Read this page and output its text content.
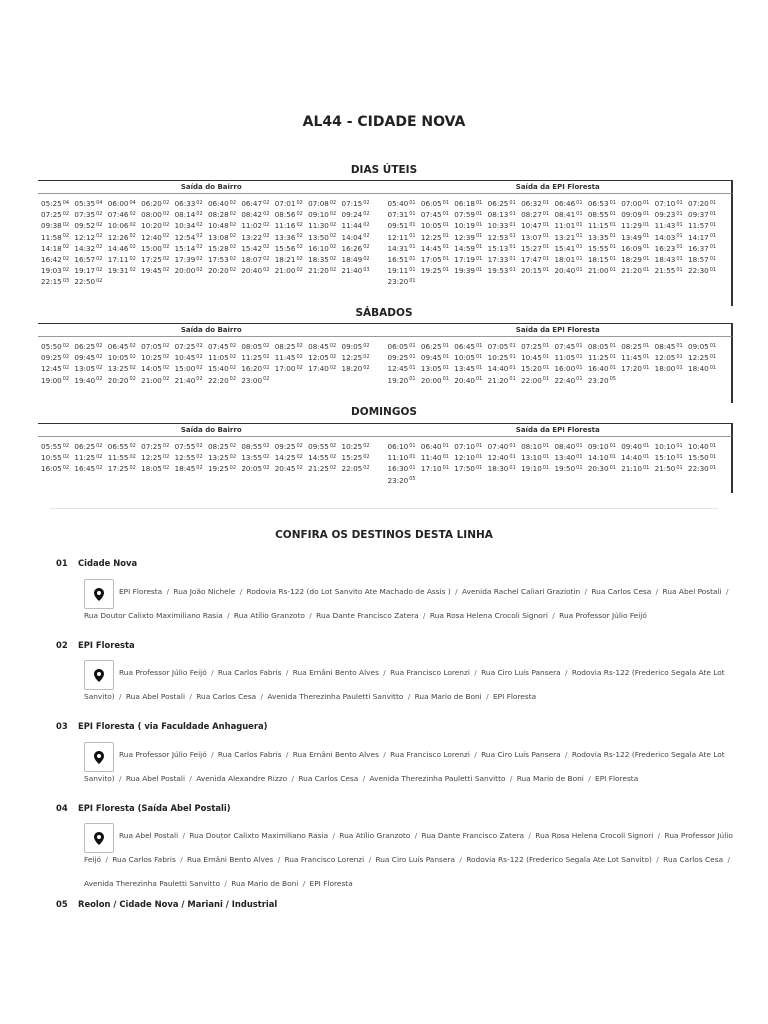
AL44 - CIDADE NOVA
DIAS ÚTEIS
Saída do Bairro	Saída da EPI Floresta
$05:25^{04}$ $05:35^{04}$ $06:00^{04}$ $06:20^{02}$ $06:33^{02}$ $06:40^{02}$ $06:47^{02}$ $07:01^{02}$ $07:08^{02}$ $07:15^{02}$ $07:25^{02}$ $07:35^{02}$ $07:46^{02}$ $08:00^{02}$ $08:14^{02}$ $08:28^{02}$ $08:42^{02}$ $08:56^{02}$ $09:10^{02}$ $09:24^{02}$ $09:38^{02}$ $09:52^{02}$ $10:06^{02}$ $10:20^{02}$ $10:34^{02}$ $10:48^{02}$ $11:02^{02}$ $11:16^{02}$ $11:30^{02}$ $11:44^{02}$ $11:58^{02}$ $12:12^{02}$ $12:26^{02}$ $12:40^{02}$ $12:54^{02}$ $13:08^{02}$ $13:22^{02}$ $13:36^{02}$ $13:50^{02}$ $14:04^{02}$ $14:18^{02}$ $14:32^{02}$ $14:46^{02}$ $15:00^{02}$ $15:14^{02}$ $15:28^{02}$ $15:42^{02}$ $15:56^{02}$ $16:10^{02}$ $16:26^{02}$ $16:42^{02}$ $16:57^{02}$ $17:11^{02}$ $17:25^{02}$ $17:39^{02}$ $17:53^{02}$ $18:07^{02}$ $18:21^{02}$ $18:35^{02}$ $18:49^{02}$ $19:03^{02}$ $19:17^{02}$ $19:31^{02}$ $19:45^{02}$ $20:00^{02}$ $20:20^{02}$ $20:40^{02}$ $21:00^{02}$ $21:20^{02}$ $21:40^{03}$ $22:15^{03}$ $22:50^{02}$
$05:40^{01}$ $06:05^{01}$ $06:18^{01}$ $06:25^{01}$ $06:32^{01}$ $06:46^{01}$ $06:53^{01}$ $07:00^{01}$ $07:10^{01}$ $07:20^{01}$ $07:31^{01}$ $07:45^{01}$ $07:59^{01}$ $08:13^{01}$ $08:27^{01}$ $08:41^{01}$ $08:55^{01}$ $09:09^{01}$ $09:23^{01}$ $09:37^{01}$ $09:51^{01}$ $10:05^{01}$ $10:19^{01}$ $10:33^{01}$ $10:47^{01}$ $11:01^{01}$ $11:15^{01}$ $11:29^{01}$ $11:43^{01}$ $11:57^{01}$ $12:11^{01}$ $12:25^{01}$ $12:39^{01}$ $12:53^{01}$ $13:07^{01}$ $13:21^{01}$ $13:35^{01}$ $13:49^{01}$ $14:03^{01}$ $14:17^{01}$ $14:31^{01}$ $14:45^{01}$ $14:59^{01}$ $15:13^{01}$ $15:27^{01}$ $15:41^{01}$ $15:55^{01}$ $16:09^{01}$ $16:23^{01}$ $16:37^{01}$ $16:51^{01}$ $17:05^{01}$ $17:19^{01}$ $17:33^{01}$ $17:47^{01}$ $18:01^{01}$ $18:15^{01}$ $18:29^{01}$ $18:43^{01}$ $18:57^{01}$ $19:11^{01}$ $19:25^{01}$ $19:39^{01}$ $19:53^{01}$ $20:15^{01}$ $20:40^{01}$ $21:00^{01}$ $21:20^{01}$ $21:55^{01}$ $22:30^{01}$ $23:20^{01}$
SÁBADOS
Saída do Bairro	Saída da EPI Floresta
$05:50^{02}$ $06:25^{02}$ $06:45^{02}$ $07:05^{02}$ $07:25^{02}$ $07:45^{02}$ $08:05^{02}$ $08:25^{02}$ $08:45^{02}$ $09:05^{02}$ $09:25^{02}$ $09:45^{02}$ $10:05^{02}$ $10:25^{02}$ $10:45^{02}$ $11:05^{02}$ $11:25^{02}$ $11:45^{02}$ $12:05^{02}$ $12:25^{02}$ $12:45^{02}$ $13:05^{02}$ $13:25^{02}$ $14:05^{02}$ $15:00^{02}$ $15:40^{02}$ $16:20^{02}$ $17:00^{02}$ $17:40^{02}$ $18:20^{02}$ $19:00^{02}$ $19:40^{02}$ $20:20^{02}$ $21:00^{02}$ $21:40^{02}$ $22:20^{02}$ $23:00^{02}$
$06:05^{01}$ $06:25^{01}$ $06:45^{01}$ $07:05^{01}$ $07:25^{01}$ $07:45^{01}$ $08:05^{01}$ $08:25^{01}$ $08:45^{01}$ $09:05^{01}$ $09:25^{01}$ $09:45^{01}$ $10:05^{01}$ $10:25^{01}$ $10:45^{01}$ $11:05^{01}$ $11:25^{01}$ $11:45^{01}$ $12:05^{01}$ $12:25^{01}$ $12:45^{01}$ $13:05^{01}$ $13:45^{01}$ $14:40^{01}$ $15:20^{01}$ $16:00^{01}$ $16:40^{01}$ $17:20^{01}$ $18:00^{01}$ $18:40^{01}$ $19:20^{01}$ $20:00^{01}$ $20:40^{01}$ $21:20^{01}$ $22:00^{01}$ $22:40^{01}$ $23:20^{05}$
DOMINGOS
Saída do Bairro	Saída da EPI Floresta
$05:55^{02}$ $06:25^{02}$ $06:55^{02}$ $07:25^{02}$ $07:55^{02}$ $08:25^{02}$ $08:55^{02}$ $09:25^{02}$ $09:55^{02}$ $10:25^{02}$ $10:55^{02}$ $11:25^{02}$ $11:55^{02}$ $12:25^{02}$ $12:55^{02}$ $13:25^{02}$ $13:55^{02}$ $14:25^{02}$ $14:55^{02}$ $15:25^{02}$ $16:05^{02}$ $16:45^{02}$ $17:25^{02}$ $18:05^{02}$ $18:45^{02}$ $19:25^{02}$ $20:05^{02}$ $20:45^{02}$ $21:25^{02}$ $22:05^{02}$
$06:10^{01}$ $06:40^{01}$ $07:10^{01}$ $07:40^{01}$ $08:10^{01}$ $08:40^{01}$ $09:10^{01}$ $09:40^{01}$ $10:10^{01}$ $10:40^{01}$ $11:10^{01}$ $11:40^{01}$ $12:10^{01}$ $12:40^{01}$ $13:10^{01}$ $13:40^{01}$ $14:10^{01}$ $14:40^{01}$ $15:10^{01}$ $15:50^{01}$ $16:30^{01}$ $17:10^{01}$ $17:50^{01}$ $18:30^{01}$ $19:10^{01}$ $19:50^{01}$ $20:30^{01}$ $21:10^{01}$ $21:50^{01}$ $22:30^{01}$ $23:20^{05}$
CONFIRA OS DESTINOS DESTA LINHA
01 Cidade Nova
EPI Floresta / Rua João Nichele / Rodovia Rs-122 (do Lot Sanvito Ate Machado de Assis ) / Avenida Rachel Caliari Graziotin / Rua Carlos Cesa / Rua Abel Postali / Rua Doutor Calixto Maximiliano Rasia / Rua Atílio Granzoto / Rua Dante Francisco Zatera / Rua Rosa Helena Crocoli Signori / Rua Professor Júlio Feijó
02 EPI Floresta
Rua Professor Júlio Feijó / Rua Carlos Fabris / Rua Ernâni Bento Alves / Rua Francisco Lorenzi / Rua Ciro Luís Pansera / Rodovia Rs-122 (Frederico Segala Ate Lot Sanvito) / Rua Abel Postali / Rua Carlos Cesa / Avenida Therezinha Pauletti Sanvitto / Rua Mario de Boni / EPI Floresta
03 EPI Floresta ( via Faculdade Anhaguera)
Rua Professor Júlio Feijó / Rua Carlos Fabris / Rua Ernâni Bento Alves / Rua Francisco Lorenzi / Rua Ciro Luís Pansera / Rodovia Rs-122 (Frederico Segala Ate Lot Sanvito) / Rua Abel Postali / Avenida Alexandre Rizzo / Rua Carlos Cesa / Avenida Therezinha Pauletti Sanvitto / Rua Mario de Boni / EPI Floresta
04 EPI Floresta (Saída Abel Postali)
Rua Abel Postali / Rua Doutor Calixto Maximiliano Rasia / Rua Atílio Granzoto / Rua Dante Francisco Zatera / Rua Rosa Helena Crocoli Signori / Rua Professor Júlio Feijó / Rua Carlos Fabris / Rua Ernâni Bento Alves / Rua Francisco Lorenzi / Rua Ciro Luís Pansera / Rodovia Rs-122 (Frederico Segala Ate Lot Sanvito) / Rua Carlos Cesa / Avenida Therezinha Pauletti Sanvitto / Rua Mario de Boni / EPI Floresta
05 Reolon / Cidade Nova / Mariani / Industrial
